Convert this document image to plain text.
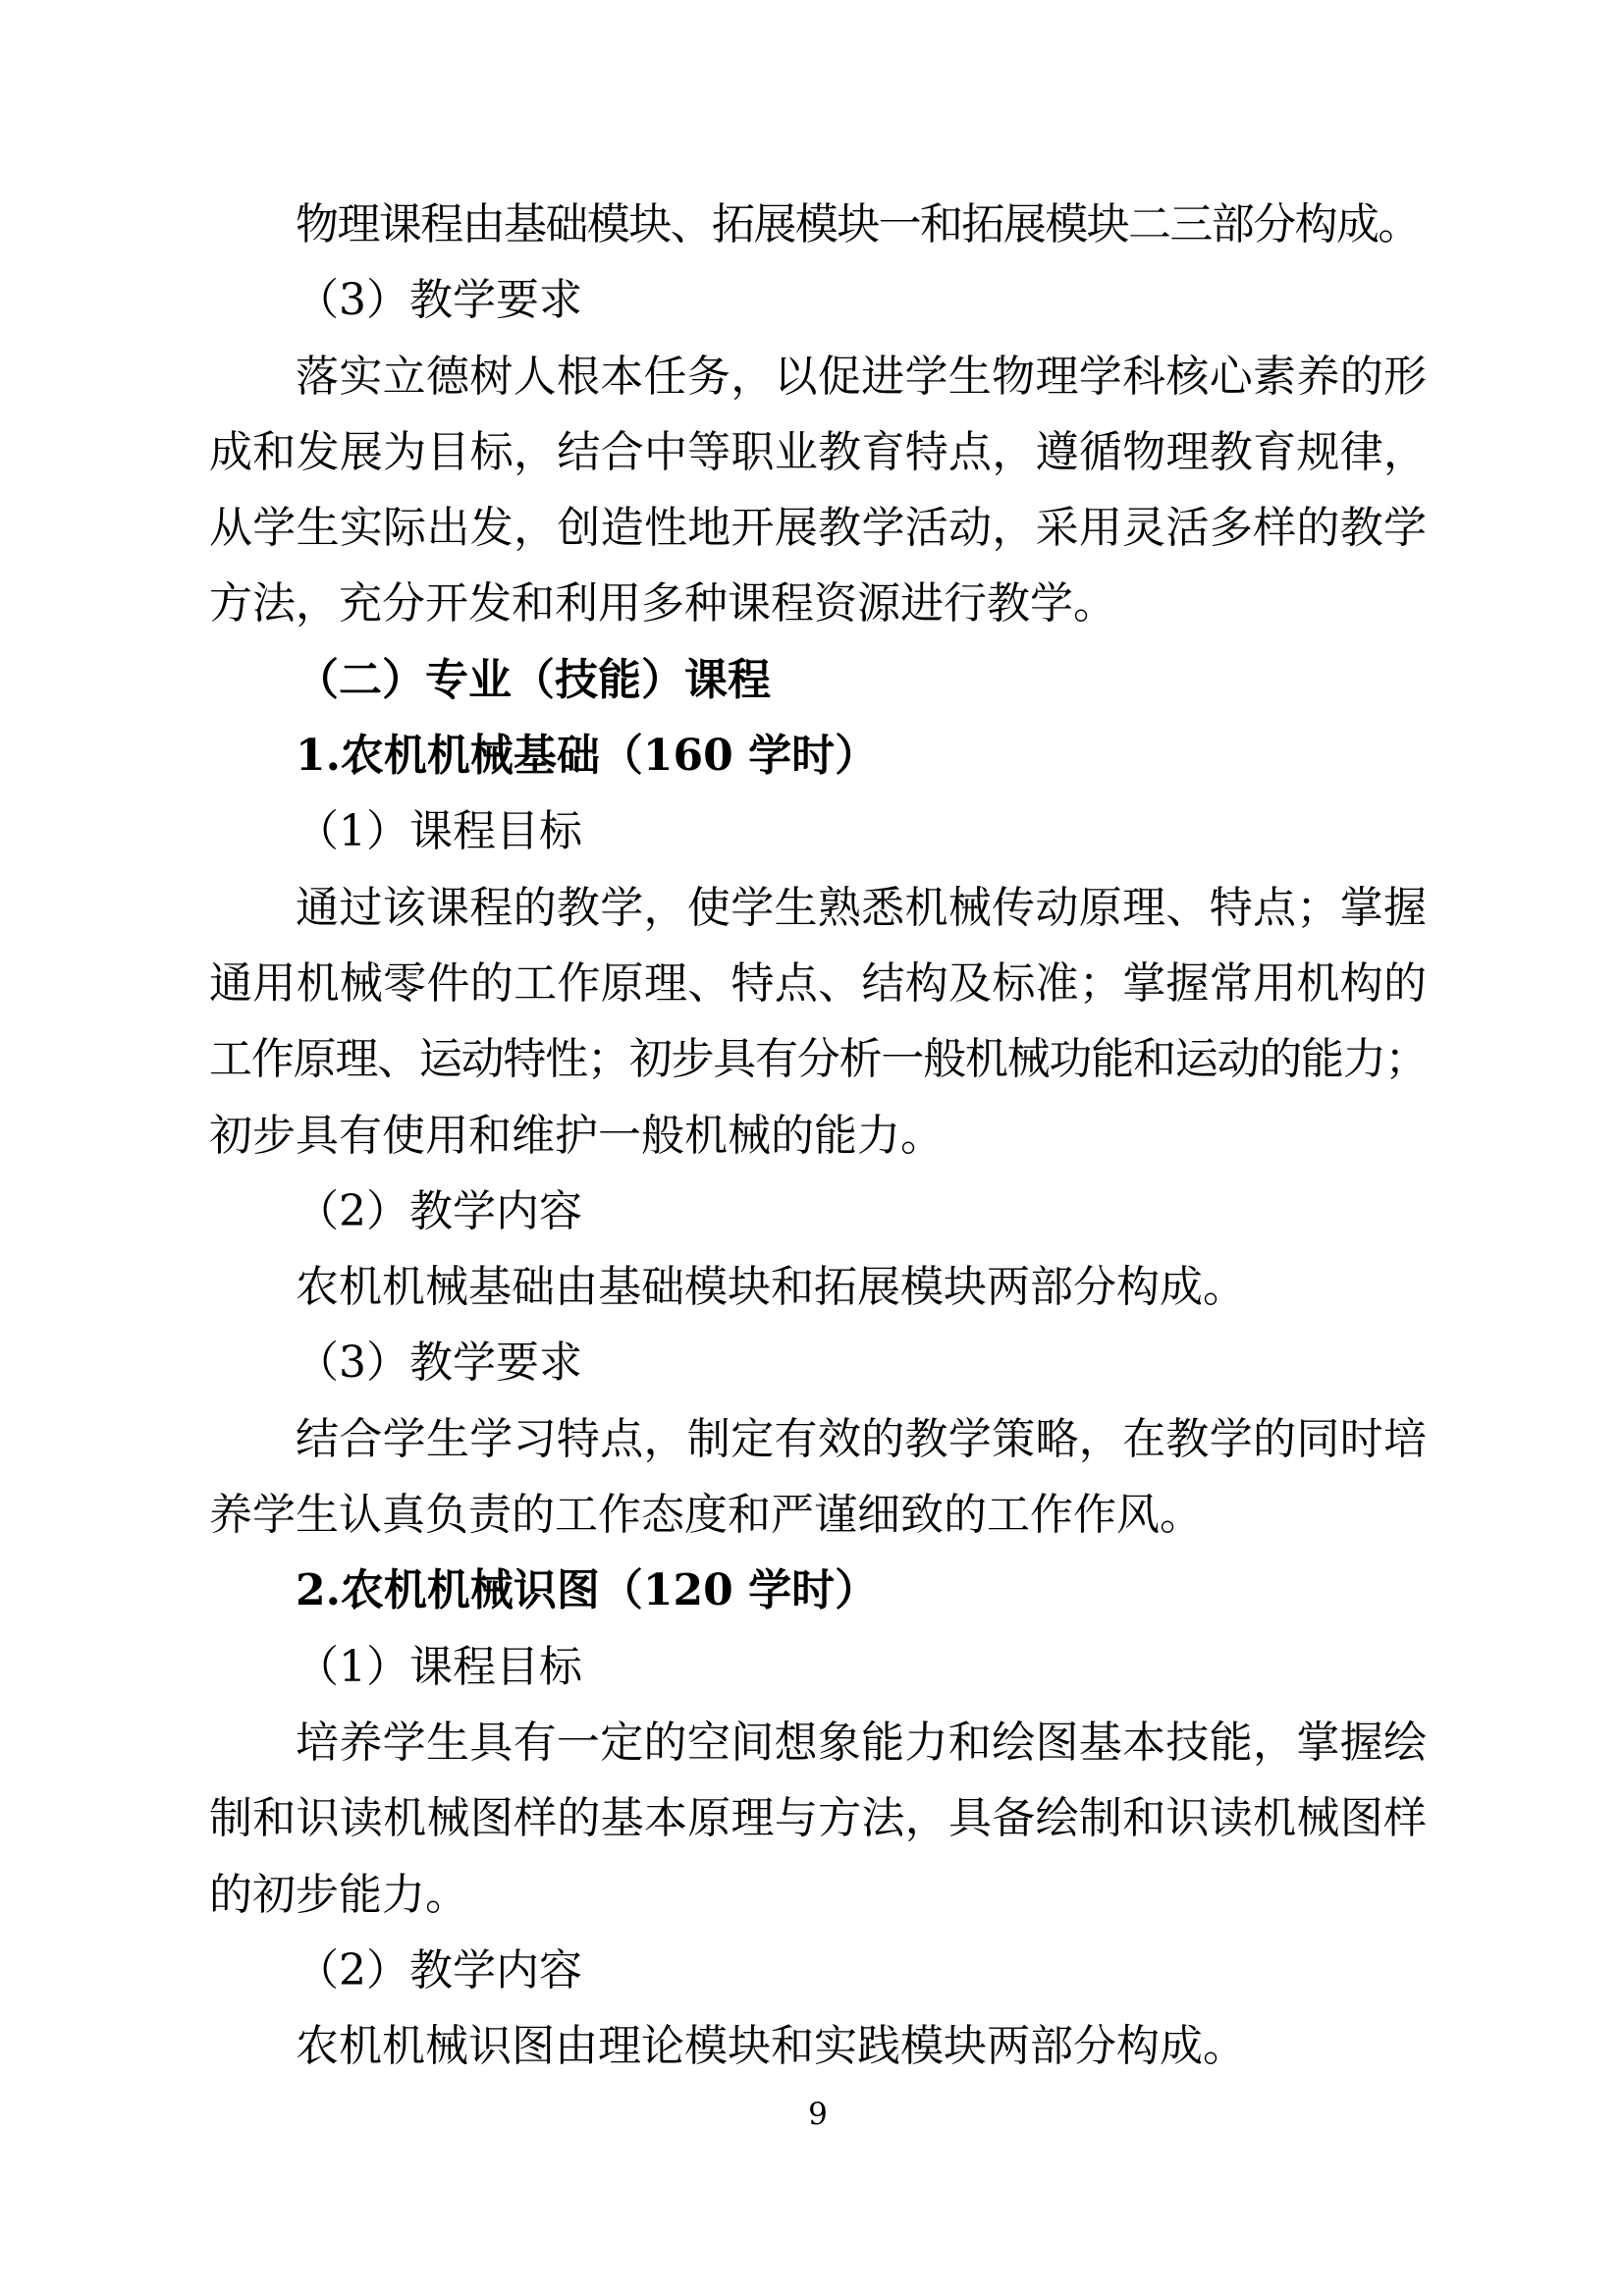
物理课程由基础模块、拓展模块一和拓展模块二三部分构成。
（3）教学要求
落实立德树人根本任务，以促进学生物理学科核心素养的形
成和发展为目标，结合中等职业教育特点，遵循物理教育规律，
从学生实际出发，创造性地开展教学活动，采用灵活多样的教学
方法，充分开发和利用多种课程资源进行教学。
（二）专业（技能）课程
1.农机机械基础（160 学时）
（1）课程目标
通过该课程的教学，使学生熟悉机械传动原理、特点；掌握
通用机械零件的工作原理、特点、结构及标准；掌握常用机构的
工作原理、运动特性；初步具有分析一般机械功能和运动的能力；
初步具有使用和维护一般机械的能力。
（2）教学内容
农机机械基础由基础模块和拓展模块两部分构成。
（3）教学要求
结合学生学习特点，制定有效的教学策略，在教学的同时培
养学生认真负责的工作态度和严谨细致的工作作风。
2.农机机械识图（120 学时）
（1）课程目标
培养学生具有一定的空间想象能力和绘图基本技能，掌握绘
制和识读机械图样的基本原理与方法，具备绘制和识读机械图样
的初步能力。
（2）教学内容
农机机械识图由理论模块和实践模块两部分构成。
9
